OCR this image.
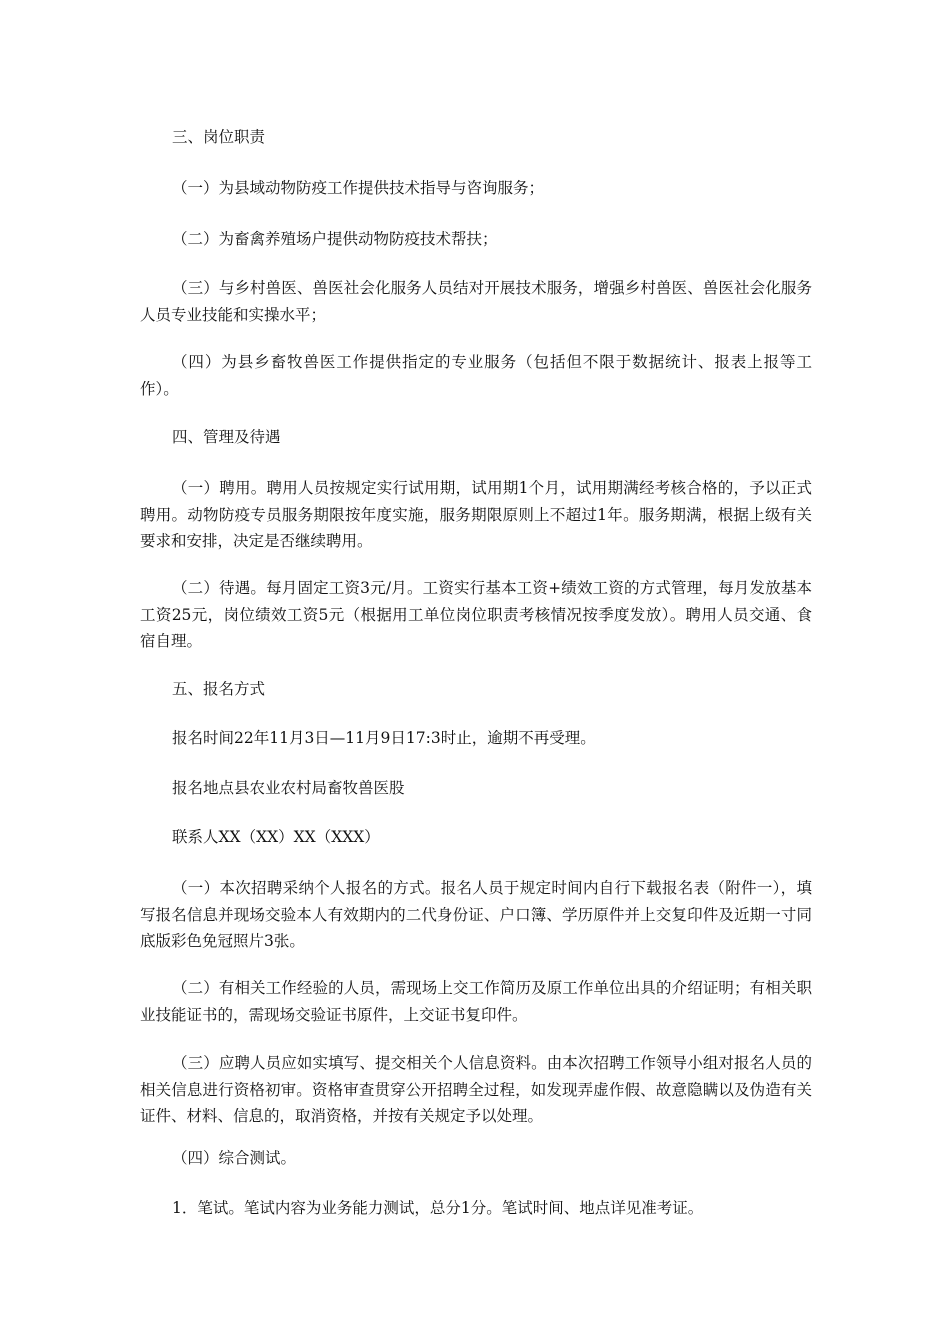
三、岗位职责

（一）为县域动物防疫工作提供技术指导与咨询服务；

（二）为畜禽养殖场户提供动物防疫技术帮扶；

（三）与乡村兽医、兽医社会化服务人员结对开展技术服务，增强乡村兽医、兽医社会化服务人员专业技能和实操水平；

（四）为县乡畜牧兽医工作提供指定的专业服务（包括但不限于数据统计、报表上报等工作）。

四、管理及待遇

（一）聘用。聘用人员按规定实行试用期，试用期1个月，试用期满经考核合格的，予以正式聘用。动物防疫专员服务期限按年度实施，服务期限原则上不超过1年。服务期满，根据上级有关要求和安排，决定是否继续聘用。

（二）待遇。每月固定工资3元/月。工资实行基本工资+绩效工资的方式管理，每月发放基本工资25元，岗位绩效工资5元（根据用工单位岗位职责考核情况按季度发放）。聘用人员交通、食宿自理。

五、报名方式

报名时间22年11月3日—11月9日17:3时止，逾期不再受理。

报名地点县农业农村局畜牧兽医股

联系人XX（XX）XX（XXX）

（一）本次招聘采纳个人报名的方式。报名人员于规定时间内自行下载报名表（附件一），填写报名信息并现场交验本人有效期内的二代身份证、户口簿、学历原件并上交复印件及近期一寸同底版彩色免冠照片3张。

（二）有相关工作经验的人员，需现场上交工作简历及原工作单位出具的介绍证明；有相关职业技能证书的，需现场交验证书原件，上交证书复印件。

（三）应聘人员应如实填写、提交相关个人信息资料。由本次招聘工作领导小组对报名人员的相关信息进行资格初审。资格审查贯穿公开招聘全过程，如发现弄虚作假、故意隐瞒以及伪造有关证件、材料、信息的，取消资格，并按有关规定予以处理。

（四）综合测试。

1．笔试。笔试内容为业务能力测试，总分1分。笔试时间、地点详见准考证。
